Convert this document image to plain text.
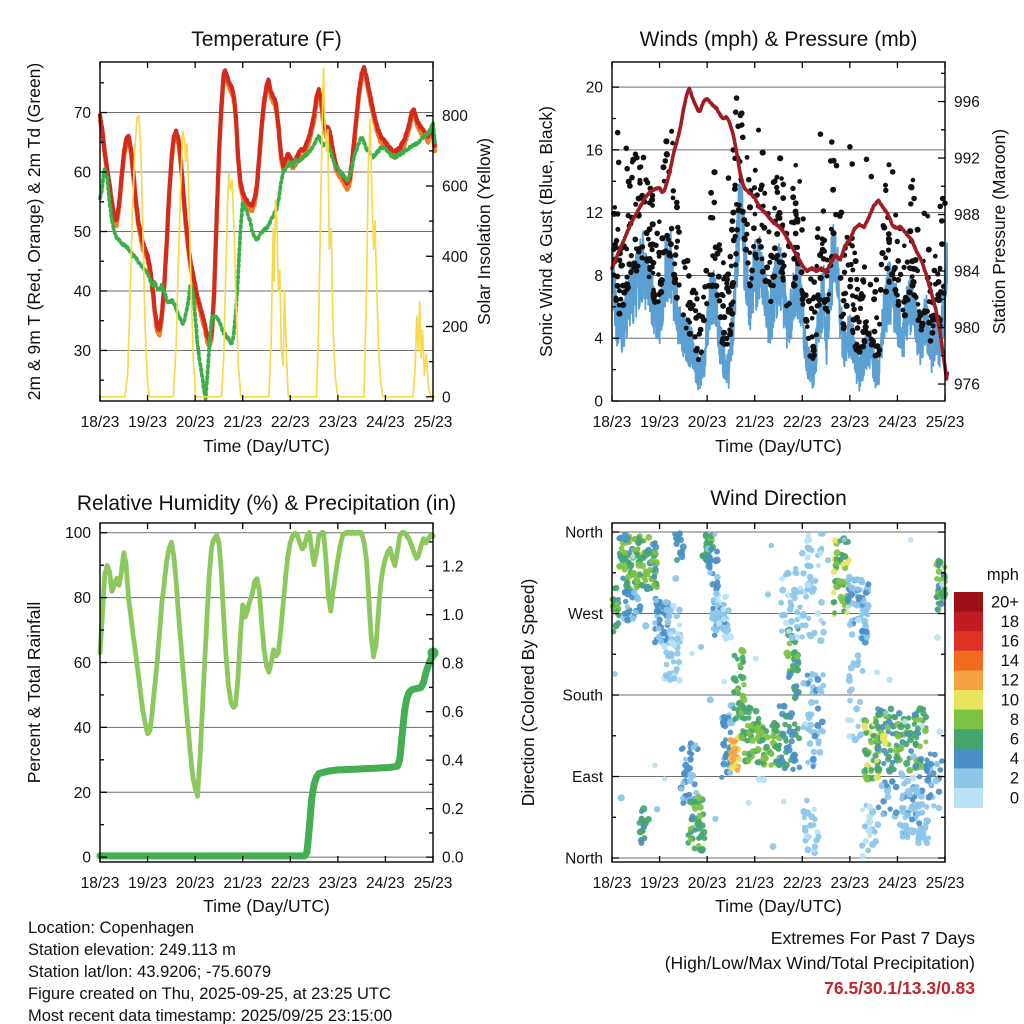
18/23 19/23 20/23 21/23 22/23 23/23 24/23 25/23
30
40
50
60
70
0
200
400
600
800
Temperature (F)
Time (Day/UTC)
2m & 9m T (Red, Orange) & 2m Td (Green)	Solar Insolation (Yellow)
18/23 19/23 20/23 21/23 22/23 23/23 24/23 25/23
0
4
8
12
16
20
976
980
984
988
992
996
Winds (mph) & Pressure (mb)
Time (Day/UTC)
Sonic Wind & Gust (Blue, Black)	Station Pressure (Maroon)
18/23 19/23 20/23 21/23 22/23 23/23 24/23 25/23
0
20
40
60
80
100
0.0
0.2
0.4
0.6
0.8
1.0
1.2
Relative Humidity (%) & Precipitation (in)
Time (Day/UTC)
Percent & Total Rainfall
18/23 19/23 20/23 21/23 22/23 23/23 24/23 25/23
North
East
South
West
North
Wind Direction
Time (Day/UTC)
Direction (Colored By Speed)
mph
20+
18
16
14
12
10
8
6
4
2
0
Location: Copenhagen
Station elevation: 249.113 m
Station lat/lon: 43.9206; -75.6079
Figure created on Thu, 2025-09-25, at 23:25 UTC
Most recent data timestamp: 2025/09/25 23:15:00
Extremes For Past 7 Days
(High/Low/Max Wind/Total Precipitation)
76.5/30.1/13.3/0.83
